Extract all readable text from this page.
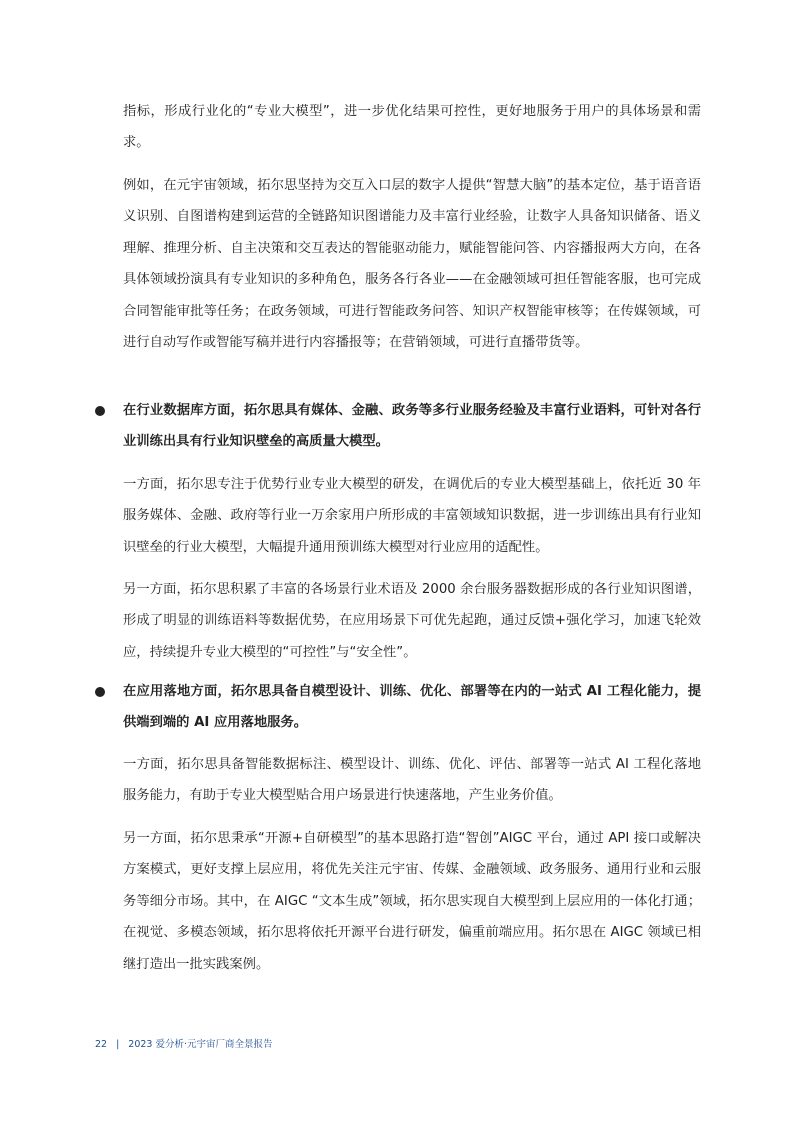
指标，形成行业化的“专业大模型”，进一步优化结果可控性，更好地服务于用户的具体场景和需求。

例如，在元宇宙领域，拓尔思坚持为交互入口层的数字人提供“智慧大脑”的基本定位，基于语音语义识别、自图谱构建到运营的全链路知识图谱能力及丰富行业经验，让数字人具备知识储备、语义理解、推理分析、自主决策和交互表达的智能驱动能力，赋能智能问答、内容播报两大方向，在各具体领域扮演具有专业知识的多种角色，服务各行各业——在金融领域可担任智能客服，也可完成合同智能审批等任务；在政务领域，可进行智能政务问答、知识产权智能审核等；在传媒领域，可进行自动写作或智能写稿并进行内容播报等；在营销领域，可进行直播带货等。

在行业数据库方面，拓尔思具有媒体、金融、政务等多行业服务经验及丰富行业语料，可针对各行业训练出具有行业知识壁垒的高质量大模型。

一方面，拓尔思专注于优势行业专业大模型的研发，在调优后的专业大模型基础上，依托近 30 年服务媒体、金融、政府等行业一万余家用户所形成的丰富领域知识数据，进一步训练出具有行业知识壁垒的行业大模型，大幅提升通用预训练大模型对行业应用的适配性。

另一方面，拓尔思积累了丰富的各场景行业术语及 2000 余台服务器数据形成的各行业知识图谱，形成了明显的训练语料等数据优势，在应用场景下可优先起跑，通过反馈+强化学习，加速飞轮效应，持续提升专业大模型的“可控性”与“安全性”。

在应用落地方面，拓尔思具备自模型设计、训练、优化、部署等在内的一站式 AI 工程化能力，提供端到端的 AI 应用落地服务。

一方面，拓尔思具备智能数据标注、模型设计、训练、优化、评估、部署等一站式 AI 工程化落地服务能力，有助于专业大模型贴合用户场景进行快速落地，产生业务价值。

另一方面，拓尔思秉承“开源+自研模型”的基本思路打造“智创”AIGC 平台，通过 API 接口或解决方案模式，更好支撑上层应用，将优先关注元宇宙、传媒、金融领域、政务服务、通用行业和云服务等细分市场。其中，在 AIGC “文本生成”领域，拓尔思实现自大模型到上层应用的一体化打通；在视觉、多模态领域，拓尔思将依托开源平台进行研发，偏重前端应用。拓尔思在 AIGC 领域已相继打造出一批实践案例。

22 | 2023 爱分析·元宇宙厂商全景报告
